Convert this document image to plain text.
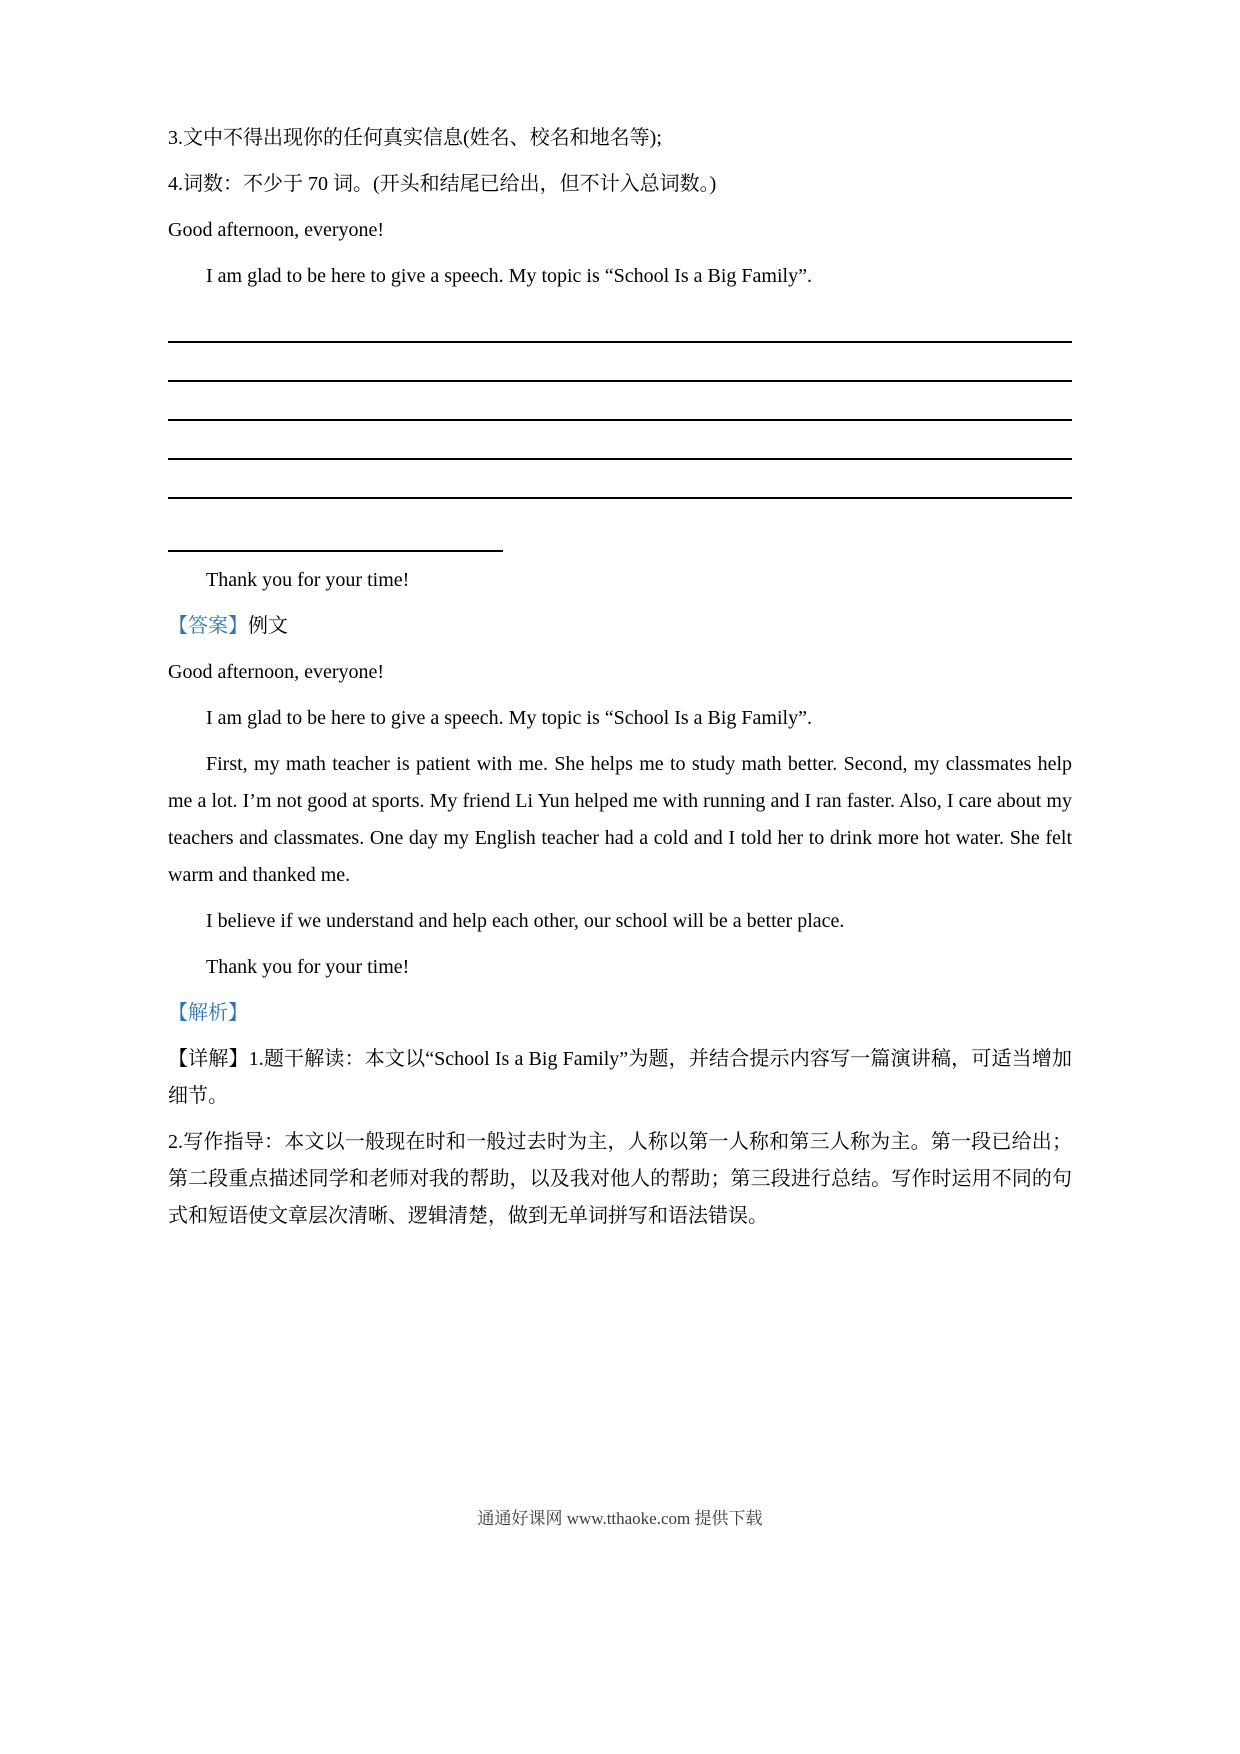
3.文中不得出现你的任何真实信息(姓名、校名和地名等);

4.词数：不少于 70 词。(开头和结尾已给出，但不计入总词数。)

Good afternoon, everyone!

I am glad to be here to give a speech. My topic is “School Is a Big Family”.

Thank you for your time!

【答案】例文

Good afternoon, everyone!

I am glad to be here to give a speech. My topic is “School Is a Big Family”.

First, my math teacher is patient with me. She helps me to study math better. Second, my classmates help me a lot. I’m not good at sports. My friend Li Yun helped me with running and I ran faster. Also, I care about my teachers and classmates. One day my English teacher had a cold and I told her to drink more hot water. She felt warm and thanked me.

I believe if we understand and help each other, our school will be a better place.

Thank you for your time!

【解析】

【详解】1.题干解读：本文以“School Is a Big Family”为题，并结合提示内容写一篇演讲稿，可适当增加细节。

2.写作指导：本文以一般现在时和一般过去时为主，人称以第一人称和第三人称为主。第一段已给出；第二段重点描述同学和老师对我的帮助，以及我对他人的帮助；第三段进行总结。写作时运用不同的句式和短语使文章层次清晰、逻辑清楚，做到无单词拼写和语法错误。

通通好课网 www.tthaoke.com 提供下载
